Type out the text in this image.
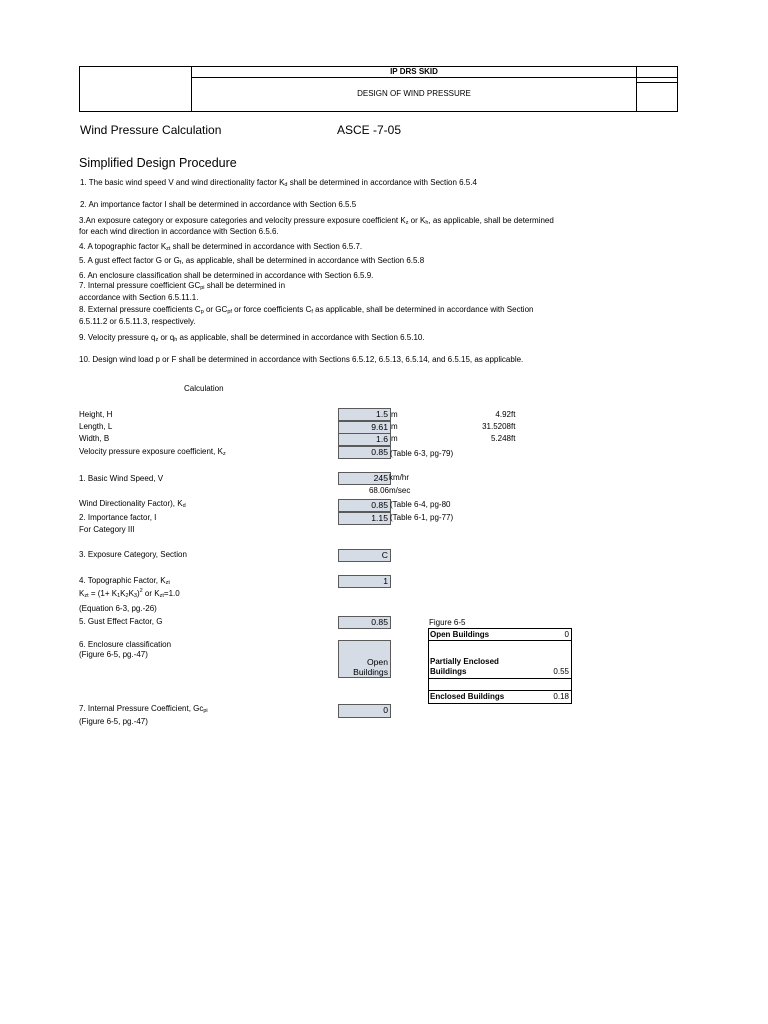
IP DRS SKID
DESIGN OF WIND PRESSURE
Wind Pressure Calculation	ASCE -7-05
Simplified Design Procedure
1. The basic wind speed V and wind directionality factor $K_d$ shall be determined in accordance with Section 6.5.4
2. An importance factor I shall be determined in accordance with Section 6.5.5
3.An exposure category or exposure categories and velocity pressure exposure coefficient $K_z$ or $K_h$, as applicable, shall be determined
for each wind direction in accordance with Section 6.5.6.
4. A topographic factor $K_{zt}$ shall be determined in accordance with Section 6.5.7.
5. A gust effect factor G or $G_f$, as applicable, shall be determined in accordance with Section 6.5.8
6. An enclosure classification shall be determined in accordance with Section 6.5.9.
7. Internal pressure coefficient $GC_{pi}$ shall be determined in
accordance with Section 6.5.11.1.
8. External pressure coefficients $C_p$ or $GC_{pf}$ or force coefficients $C_f$ as applicable, shall be determined in accordance with Section
6.5.11.2 or 6.5.11.3, respectively.
9. Velocity pressure $q_z$ or $q_h$ as applicable, shall be determined in accordance with Section 6.5.10.
10. Design wind load p or F shall be determined in accordance with Sections 6.5.12, 6.5.13, 6.5.14, and 6.5.15, as applicable.
Calculation
Height, H	1.5 m	4.92 ft
Length, L	9.61 m	31.5208 ft
Width, B	1.6 m	5.248 ft
Velocity pressure exposure coefficient, $K_z$	0.85 (Table 6-3, pg-79)
1. Basic Wind Speed, V	245 km/hr
68.06 m/sec
Wind Directionality Factor), $K_d$	0.85 (Table 6-4, pg-80
2. Importance factor, I	1.15 (Table 6-1, pg-77)
For Category III
3. Exposure Category, Section	C
4. Topographic Factor, $K_{zt}$	1
$K_{zt} = (1+ K_1K_2K_3)^2$ or $K_{zt}=1.0$
(Equation 6-3, pg.-26)
5. Gust Effect Factor, G	0.85
6. Enclosure classification
(Figure 6-5, pg.-47)
Open
Buildings
7. Internal Pressure Coefficient, $Gc_{pi}$	0
(Figure 6-5, pg.-47)
Figure 6-5
Open Buildings	0
Partially Enclosed Buildings	0.55
Enclosed Buildings	0.18
